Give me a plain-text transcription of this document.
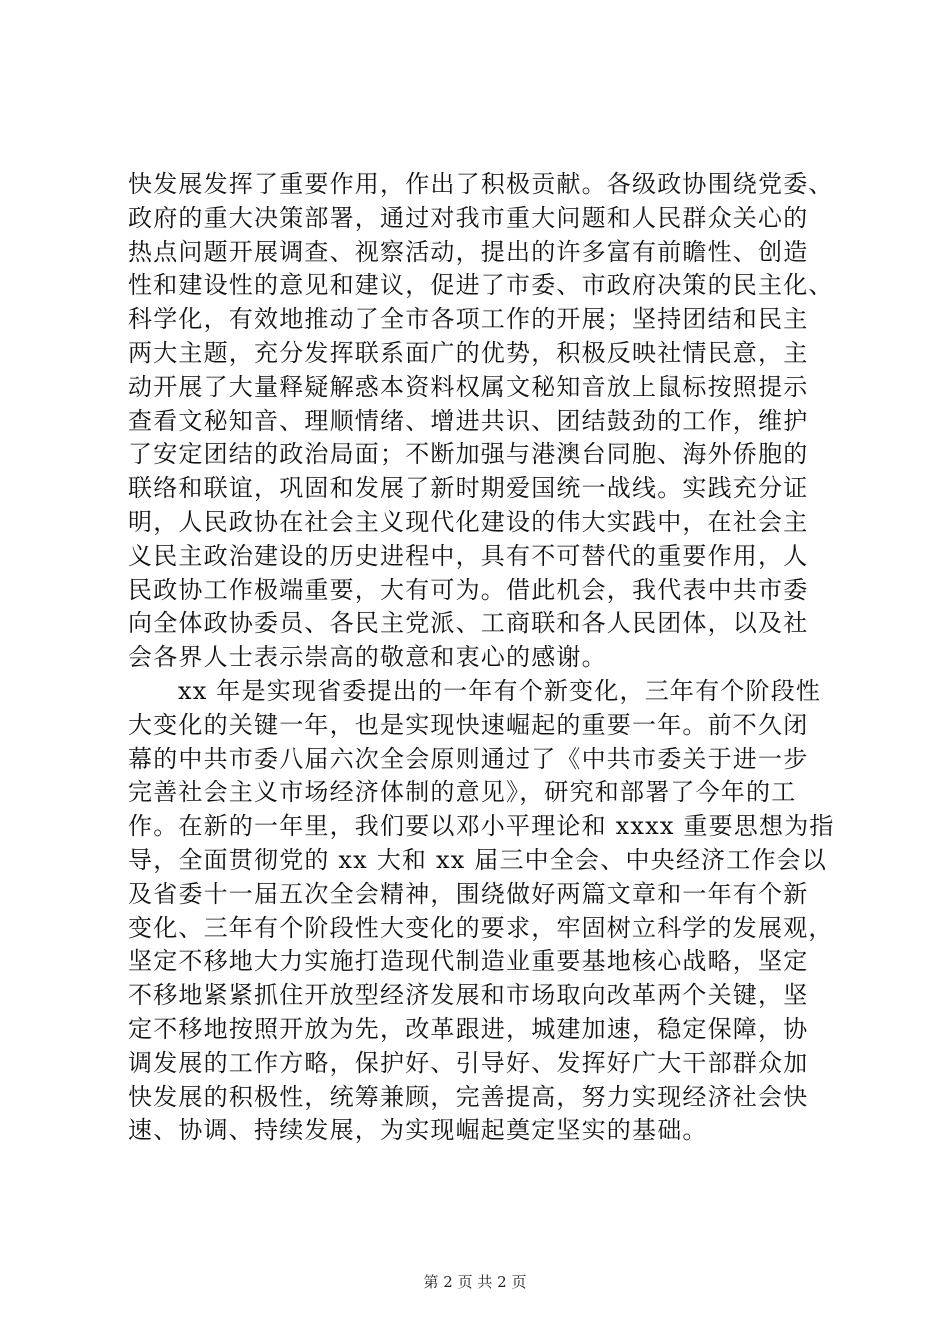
快发展发挥了重要作用，作出了积极贡献。各级政协围绕党委、
政府的重大决策部署，通过对我市重大问题和人民群众关心的
热点问题开展调查、视察活动，提出的许多富有前瞻性、创造
性和建设性的意见和建议，促进了市委、市政府决策的民主化、
科学化，有效地推动了全市各项工作的开展；坚持团结和民主
两大主题，充分发挥联系面广的优势，积极反映社情民意，主
动开展了大量释疑解惑本资料权属文秘知音放上鼠标按照提示
查看文秘知音、理顺情绪、增进共识、团结鼓劲的工作，维护
了安定团结的政治局面；不断加强与港澳台同胞、海外侨胞的
联络和联谊，巩固和发展了新时期爱国统一战线。实践充分证
明，人民政协在社会主义现代化建设的伟大实践中，在社会主
义民主政治建设的历史进程中，具有不可替代的重要作用，人
民政协工作极端重要，大有可为。借此机会，我代表中共市委
向全体政协委员、各民主党派、工商联和各人民团体，以及社
会各界人士表示崇高的敬意和衷心的感谢。
xx 年是实现省委提出的一年有个新变化，三年有个阶段性
大变化的关键一年，也是实现快速崛起的重要一年。前不久闭
幕的中共市委八届六次全会原则通过了《中共市委关于进一步
完善社会主义市场经济体制的意见》，研究和部署了今年的工
作。在新的一年里，我们要以邓小平理论和 xxxx 重要思想为指
导，全面贯彻党的 xx 大和 xx 届三中全会、中央经济工作会以
及省委十一届五次全会精神，围绕做好两篇文章和一年有个新
变化、三年有个阶段性大变化的要求，牢固树立科学的发展观，
坚定不移地大力实施打造现代制造业重要基地核心战略，坚定
不移地紧紧抓住开放型经济发展和市场取向改革两个关键，坚
定不移地按照开放为先，改革跟进，城建加速，稳定保障，协
调发展的工作方略，保护好、引导好、发挥好广大干部群众加
快发展的积极性，统筹兼顾，完善提高，努力实现经济社会快
速、协调、持续发展，为实现崛起奠定坚实的基础。
第 2 页 共 2 页
